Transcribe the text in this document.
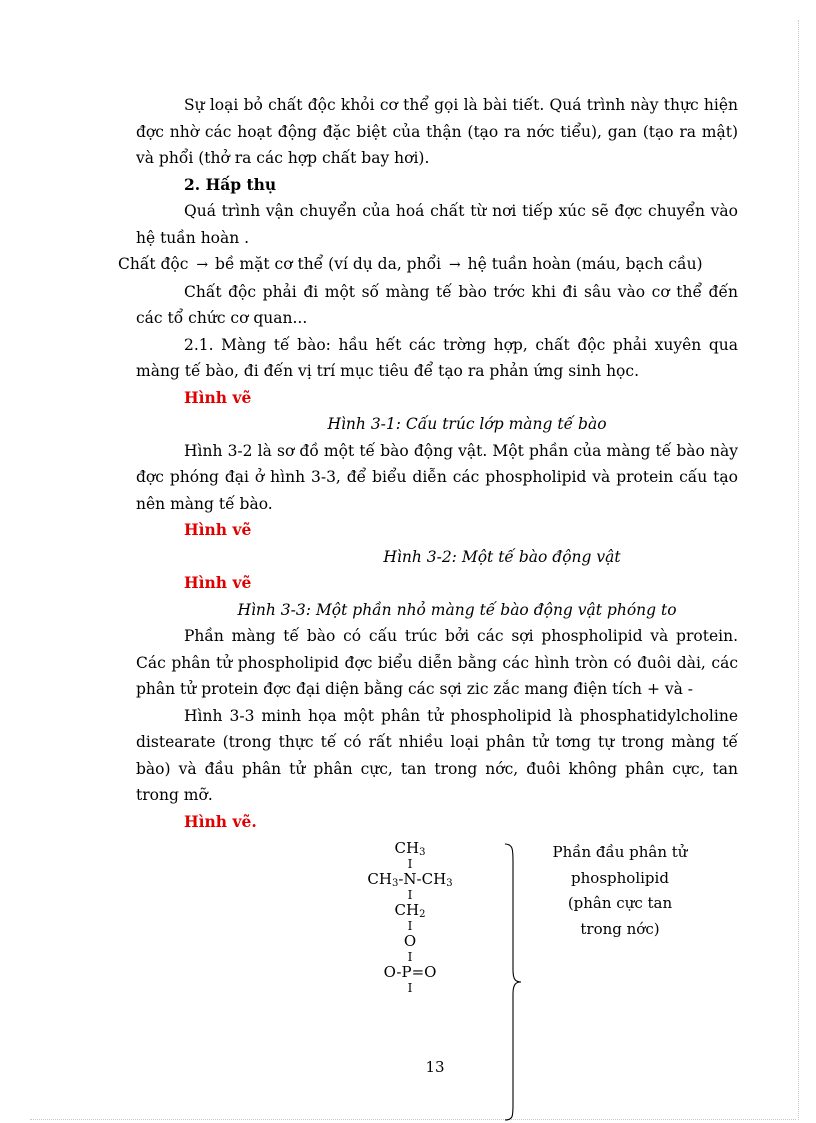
Sự loại bỏ chất độc khỏi cơ thể gọi là bài tiết. Quá trình này thực hiện đợc nhờ các hoạt động đặc biệt của thận (tạo ra nớc tiểu), gan (tạo ra mật) và phổi (thở ra các hợp chất bay hơi).

2. Hấp thụ

Quá trình vận chuyển của hoá chất từ nơi tiếp xúc sẽ đợc chuyển vào hệ tuần hoàn .

Chất độc → bề mặt cơ thể (ví dụ da, phổi → hệ tuần hoàn (máu, bạch cầu)

Chất độc phải đi một số màng tế bào trớc khi đi sâu vào cơ thể đến các tổ chức cơ quan...

2.1. Màng tế bào: hầu hết các trờng hợp, chất độc phải xuyên qua màng tế bào, đi đến vị trí mục tiêu để tạo ra phản ứng sinh học.

Hình vẽ

Hình 3-1: Cấu trúc lớp màng tế bào

Hình 3-2 là sơ đồ một tế bào động vật. Một phần của màng tế bào này đợc phóng đại ở hình 3-3, để biểu diễn các phospholipid và protein cấu tạo nên màng tế bào.

Hình vẽ

Hình 3-2: Một tế bào động vật

Hình vẽ

Hình 3-3: Một phần nhỏ màng tế bào động vật phóng to

Phần màng tế bào có cấu trúc bởi các sợi phospholipid và protein. Các phân tử phospholipid đợc biểu diễn bằng các hình tròn có đuôi dài, các phân tử protein đợc đại diện bằng các sợi zic zắc mang điện tích + và -

Hình 3-3 minh họa một phân tử phospholipid là phosphatidylcholine distearate (trong thực tế có rất nhiều loại phân tử tơng tự trong màng tế bào) và đầu phân tử phân cực, tan trong nớc, đuôi không phân cực, tan trong mỡ.

Hình vẽ.

$CH_3$
I
$CH_3-N-CH_3$
I
$CH_2$
I
O
I
O-P=O
I
Phần đầu phân tử
phospholipid
(phân cực tan
trong nớc)
13
